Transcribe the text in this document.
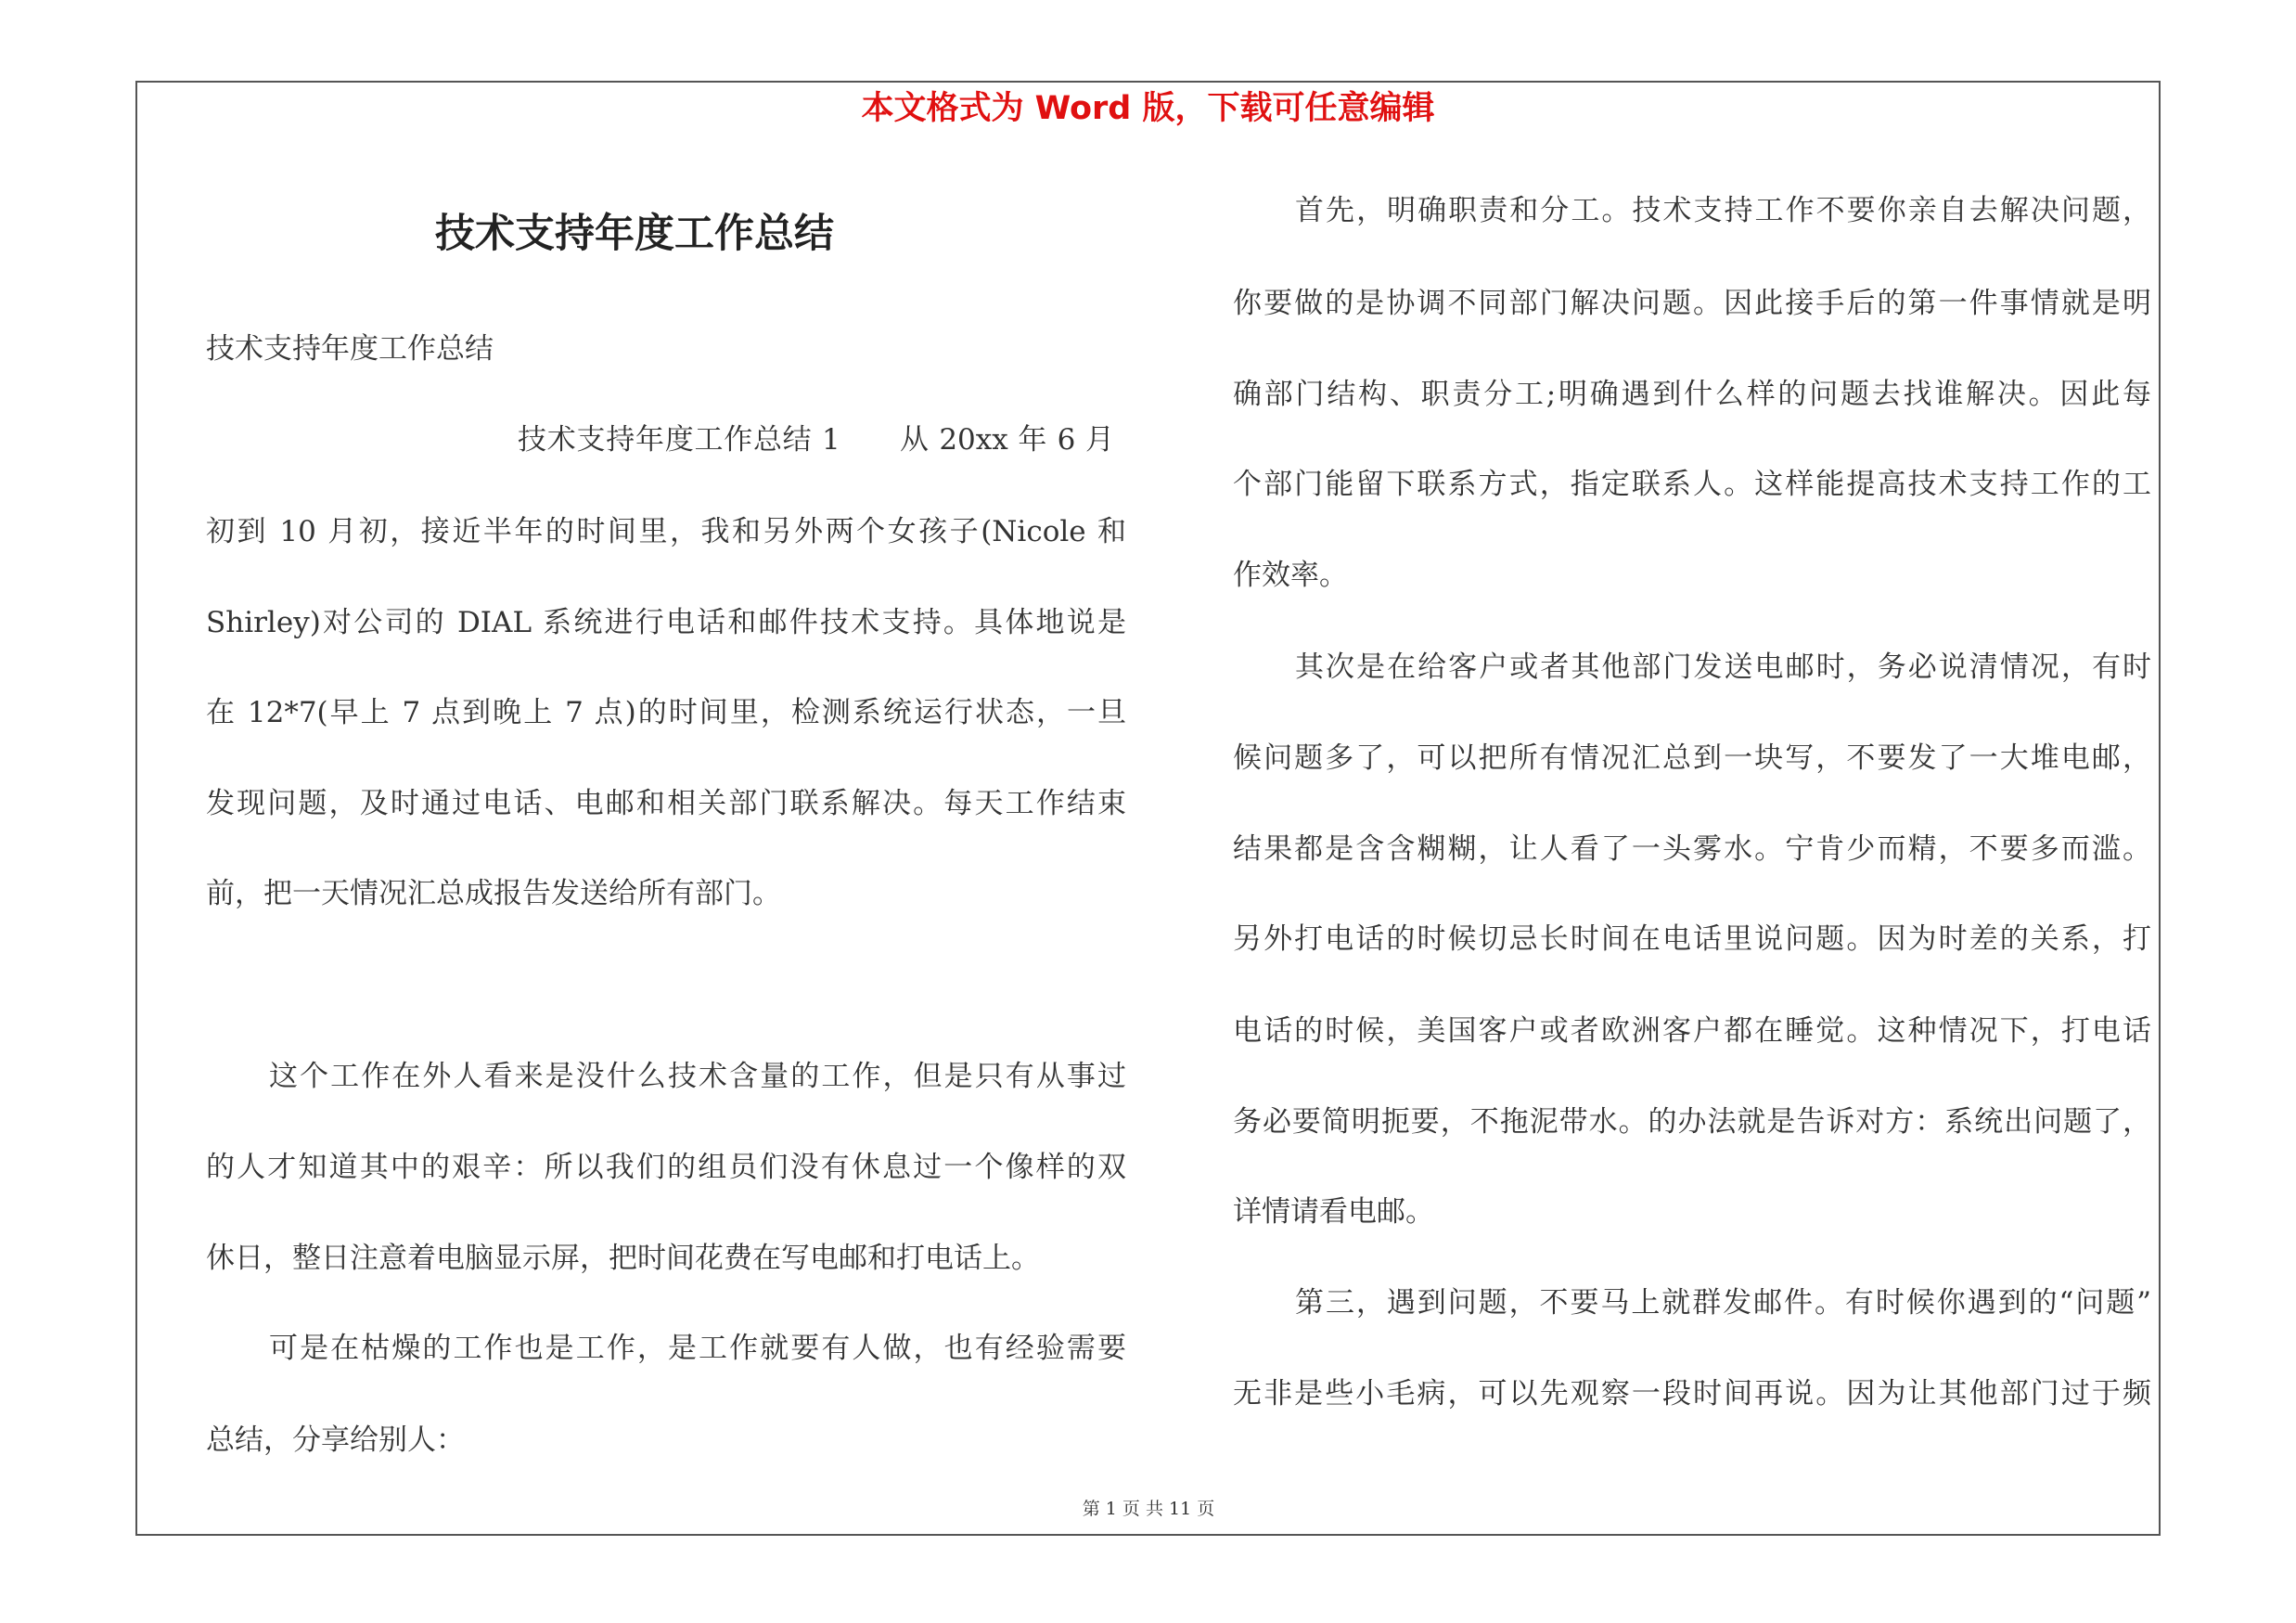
本文格式为 Word 版，下载可任意编辑
技术支持年度工作总结
技术支持年度工作总结
技术支持年度工作总结 1　　从 20xx 年 6 月
初到 10 月初，接近半年的时间里，我和另外两个女孩子(Nicole 和
Shirley)对公司的 DIAL 系统进行电话和邮件技术支持。具体地说是
在 12*7(早上 7 点到晚上 7 点)的时间里，检测系统运行状态，一旦
发现问题，及时通过电话、电邮和相关部门联系解决。每天工作结束
前，把一天情况汇总成报告发送给所有部门。
这个工作在外人看来是没什么技术含量的工作，但是只有从事过
的人才知道其中的艰辛：所以我们的组员们没有休息过一个像样的双
休日，整日注意着电脑显示屏，把时间花费在写电邮和打电话上。
可是在枯燥的工作也是工作，是工作就要有人做，也有经验需要
总结，分享给别人：
首先，明确职责和分工。技术支持工作不要你亲自去解决问题，
你要做的是协调不同部门解决问题。因此接手后的第一件事情就是明
确部门结构、职责分工;明确遇到什么样的问题去找谁解决。因此每
个部门能留下联系方式，指定联系人。这样能提高技术支持工作的工
作效率。
其次是在给客户或者其他部门发送电邮时，务必说清情况，有时
候问题多了，可以把所有情况汇总到一块写，不要发了一大堆电邮，
结果都是含含糊糊，让人看了一头雾水。宁肯少而精，不要多而滥。
另外打电话的时候切忌长时间在电话里说问题。因为时差的关系，打
电话的时候，美国客户或者欧洲客户都在睡觉。这种情况下，打电话
务必要简明扼要，不拖泥带水。的办法就是告诉对方：系统出问题了，
详情请看电邮。
第三，遇到问题，不要马上就群发邮件。有时候你遇到的“问题”
无非是些小毛病，可以先观察一段时间再说。因为让其他部门过于频
第 1 页 共 11 页
